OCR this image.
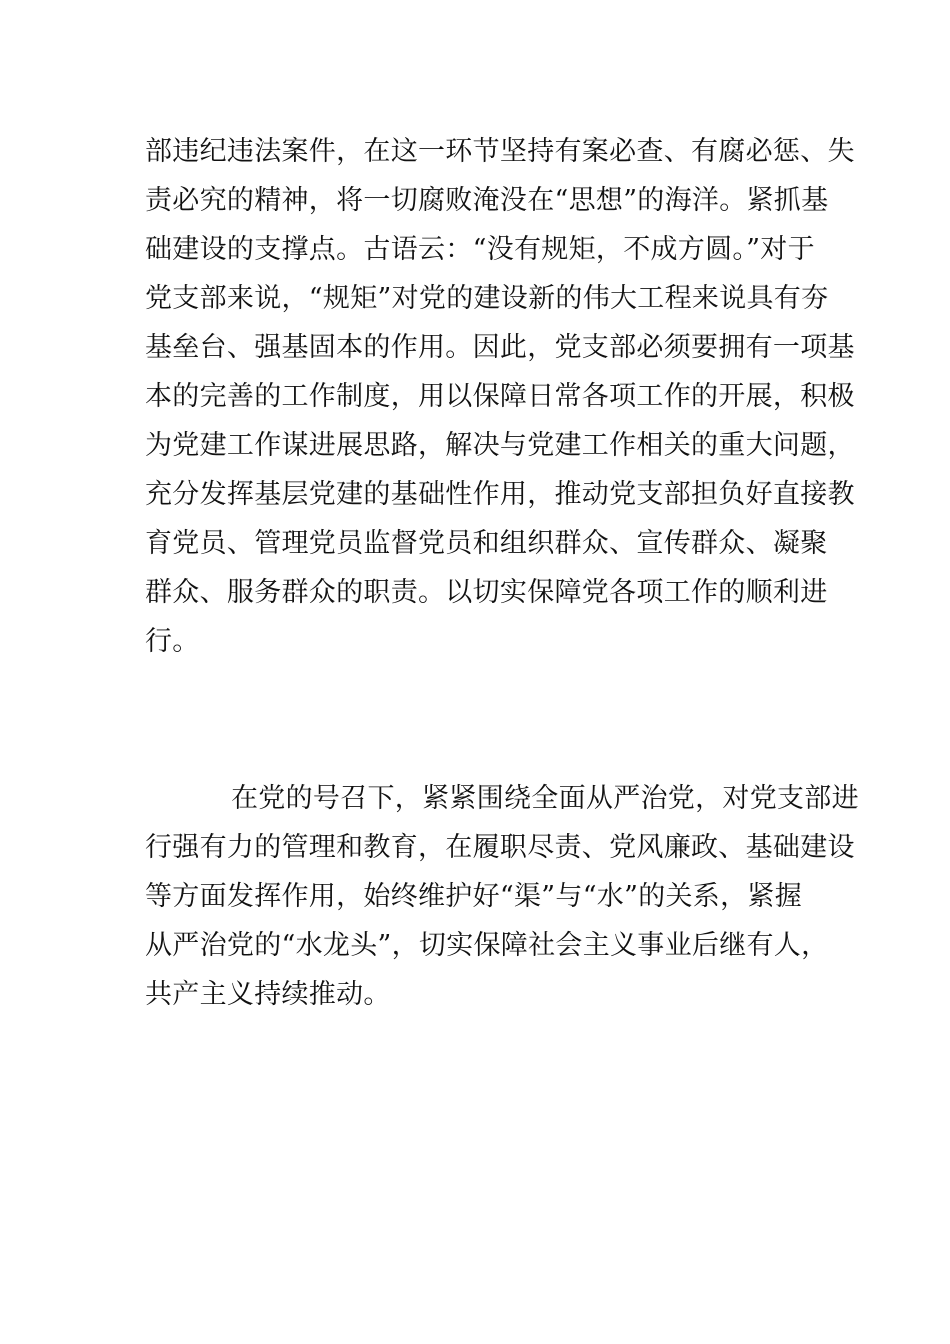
部违纪违法案件，在这一环节坚持有案必查、有腐必惩、失
责必究的精神，将一切腐败淹没在“思想”的海洋。紧抓基
础建设的支撑点。古语云：“没有规矩，不成方圆。”对于
党支部来说，“规矩”对党的建设新的伟大工程来说具有夯
基垒台、强基固本的作用。因此，党支部必须要拥有一项基
本的完善的工作制度，用以保障日常各项工作的开展，积极
为党建工作谋进展思路，解决与党建工作相关的重大问题，
充分发挥基层党建的基础性作用，推动党支部担负好直接教
育党员、管理党员监督党员和组织群众、宣传群众、凝聚
群众、服务群众的职责。以切实保障党各项工作的顺利进
行。
在党的号召下，紧紧围绕全面从严治党，对党支部进
行强有力的管理和教育，在履职尽责、党风廉政、基础建设
等方面发挥作用，始终维护好“渠”与“水”的关系，紧握
从严治党的“水龙头”，切实保障社会主义事业后继有人，
共产主义持续推动。
